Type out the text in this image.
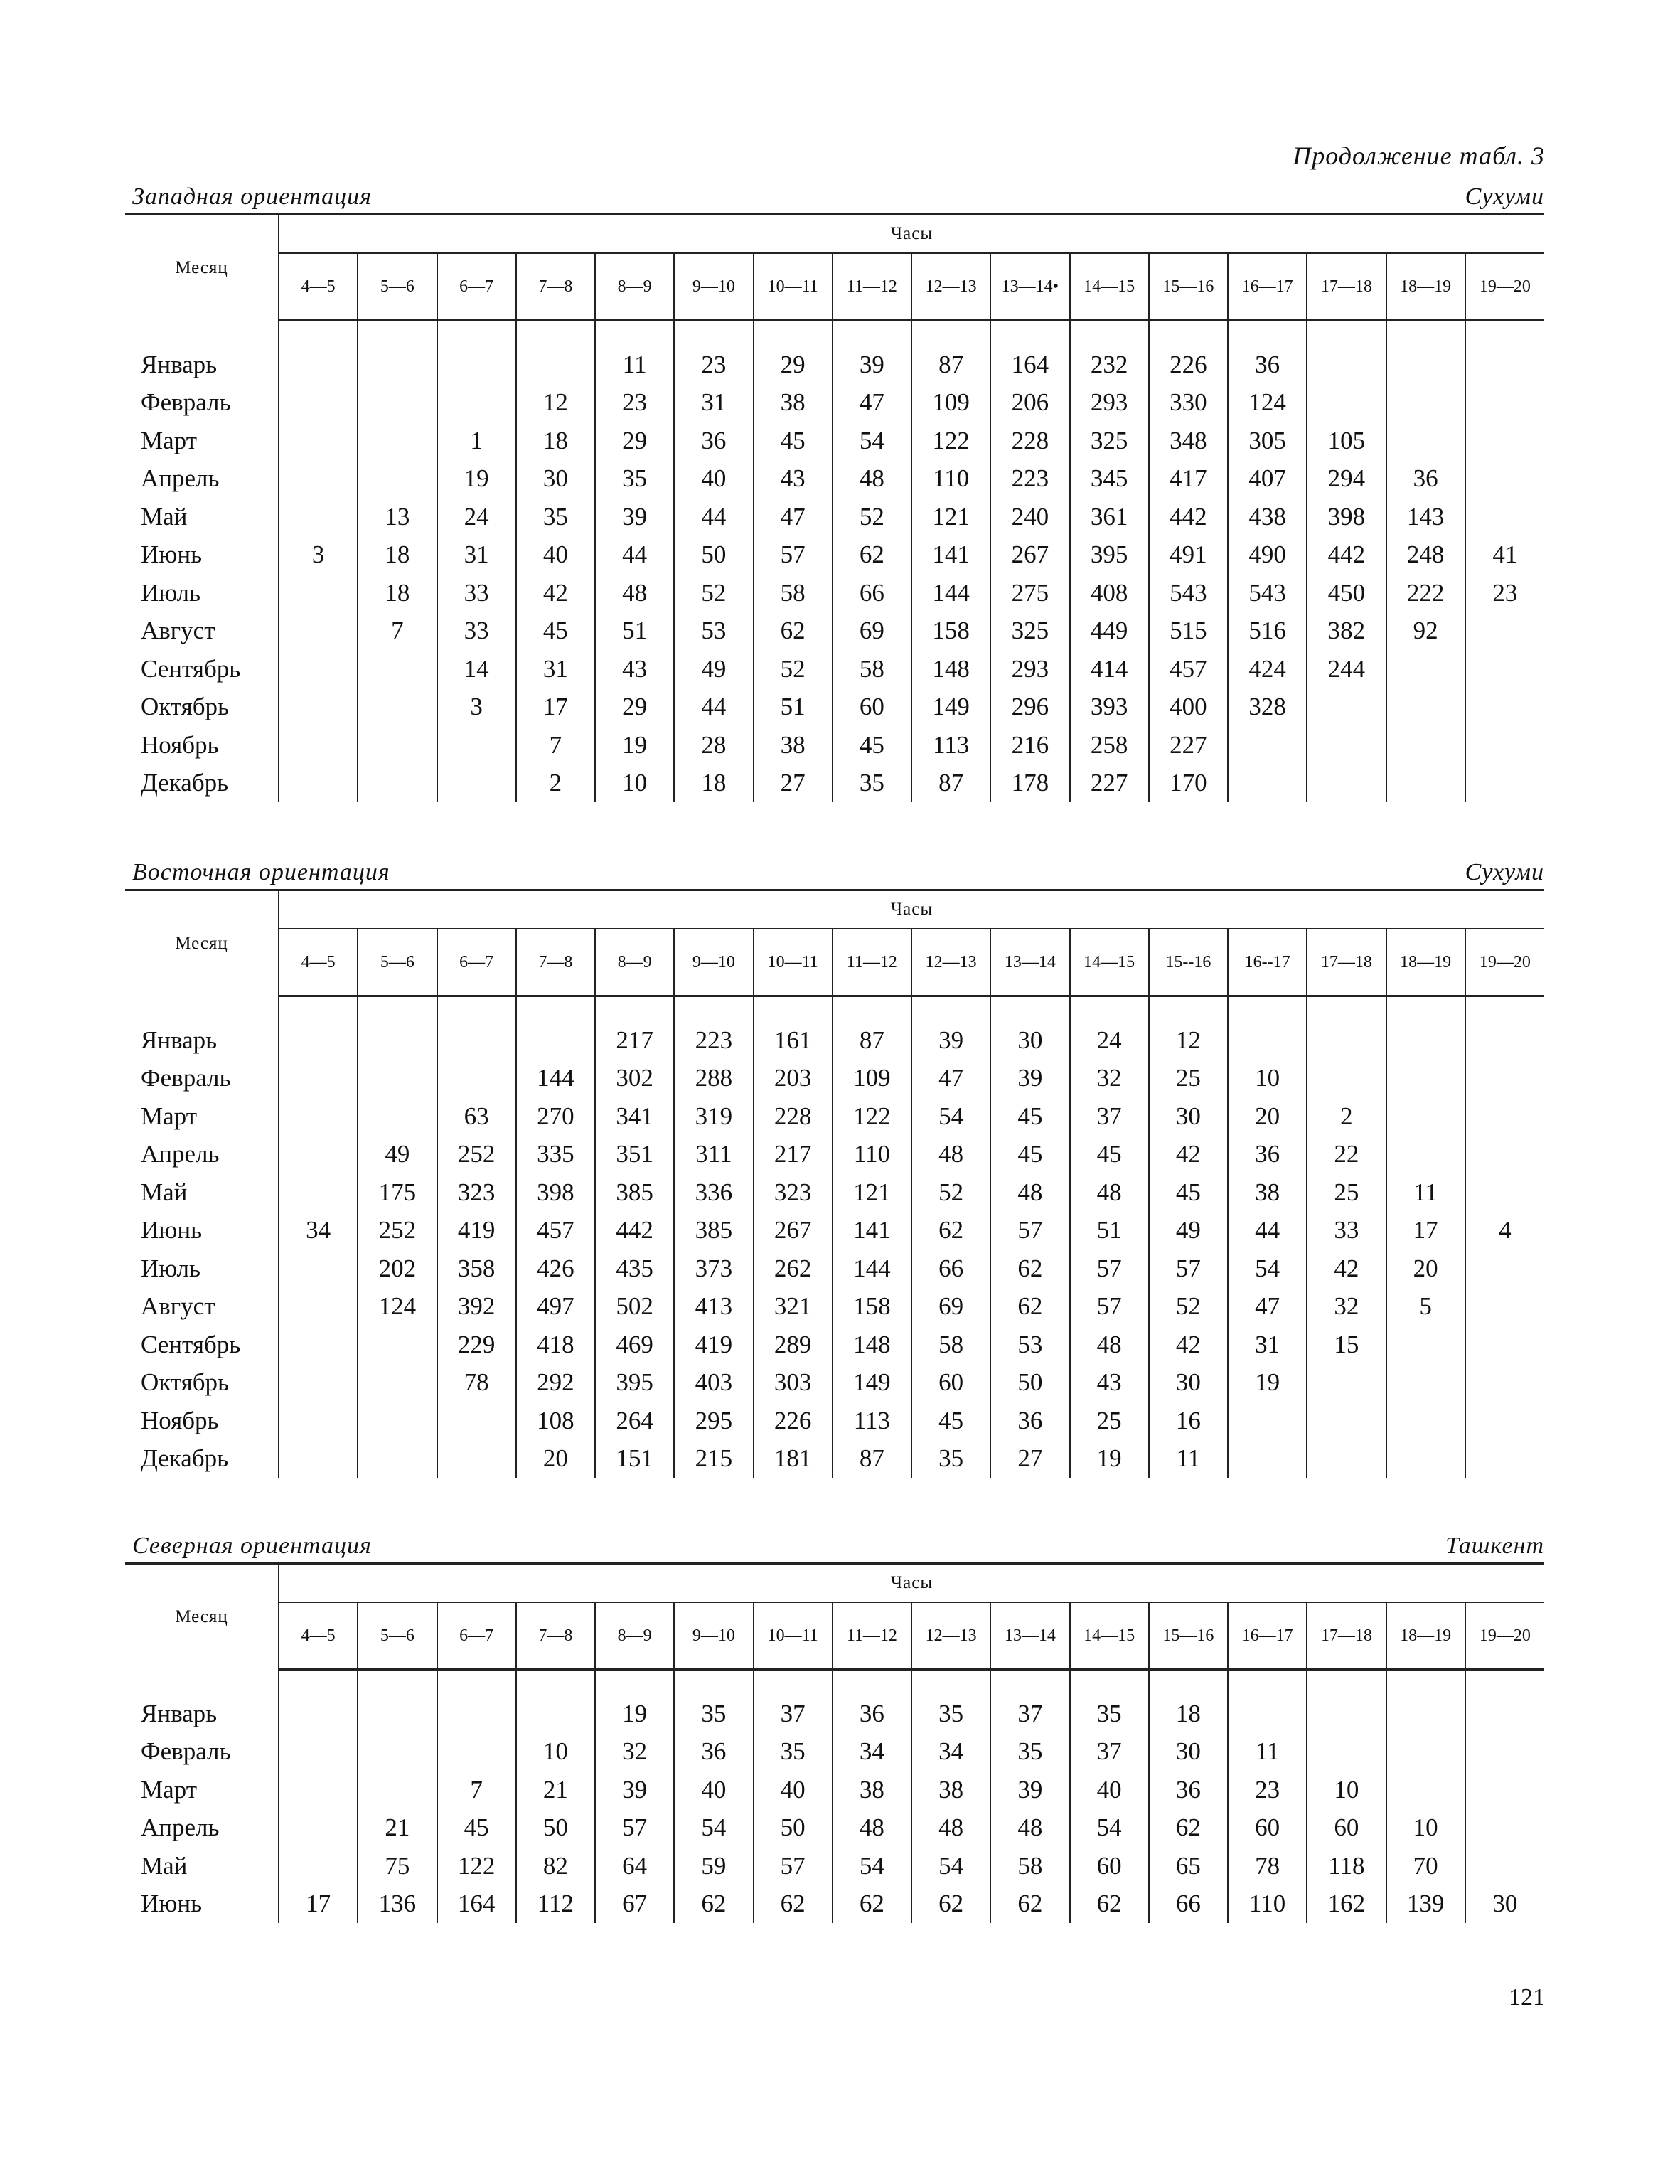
Продолжение табл. 3
Западная ориентация	Сухуми
Месяц	Часы															
	4—5	5—6	6—7	7—8	8—9	9—10	10—11	11—12	12—13	13—14•	14—15	15—16	16—17	17—18	18—19	19—20

Январь					11	23	29	39	87	164	232	226	36			
Февраль				12	23	31	38	47	109	206	293	330	124			
Март			1	18	29	36	45	54	122	228	325	348	305	105		
Апрель			19	30	35	40	43	48	110	223	345	417	407	294	36	
Май		13	24	35	39	44	47	52	121	240	361	442	438	398	143	
Июнь	3	18	31	40	44	50	57	62	141	267	395	491	490	442	248	41
Июль		18	33	42	48	52	58	66	144	275	408	543	543	450	222	23
Август		7	33	45	51	53	62	69	158	325	449	515	516	382	92	
Сентябрь			14	31	43	49	52	58	148	293	414	457	424	244		
Октябрь			3	17	29	44	51	60	149	296	393	400	328			
Ноябрь				7	19	28	38	45	113	216	258	227				
Декабрь				2	10	18	27	35	87	178	227	170				
Восточная ориентация	Сухуми
Месяц	Часы															
	4—5	5—6	6—7	7—8	8—9	9—10	10—11	11—12	12—13	13—14	14—15	15--16	16--17	17—18	18—19	19—20

Январь					217	223	161	87	39	30	24	12				
Февраль				144	302	288	203	109	47	39	32	25	10			
Март			63	270	341	319	228	122	54	45	37	30	20	2		
Апрель		49	252	335	351	311	217	110	48	45	45	42	36	22		
Май		175	323	398	385	336	323	121	52	48	48	45	38	25	11	
Июнь	34	252	419	457	442	385	267	141	62	57	51	49	44	33	17	4
Июль		202	358	426	435	373	262	144	66	62	57	57	54	42	20	
Август		124	392	497	502	413	321	158	69	62	57	52	47	32	5	
Сентябрь			229	418	469	419	289	148	58	53	48	42	31	15		
Октябрь			78	292	395	403	303	149	60	50	43	30	19			
Ноябрь				108	264	295	226	113	45	36	25	16				
Декабрь				20	151	215	181	87	35	27	19	11				
Северная ориентация	Ташкент
Месяц	Часы															
	4—5	5—6	6—7	7—8	8—9	9—10	10—11	11—12	12—13	13—14	14—15	15—16	16—17	17—18	18—19	19—20

Январь					19	35	37	36	35	37	35	18				
Февраль				10	32	36	35	34	34	35	37	30	11			
Март			7	21	39	40	40	38	38	39	40	36	23	10		
Апрель		21	45	50	57	54	50	48	48	48	54	62	60	60	10	
Май		75	122	82	64	59	57	54	54	58	60	65	78	118	70	
Июнь	17	136	164	112	67	62	62	62	62	62	62	66	110	162	139	30
121
